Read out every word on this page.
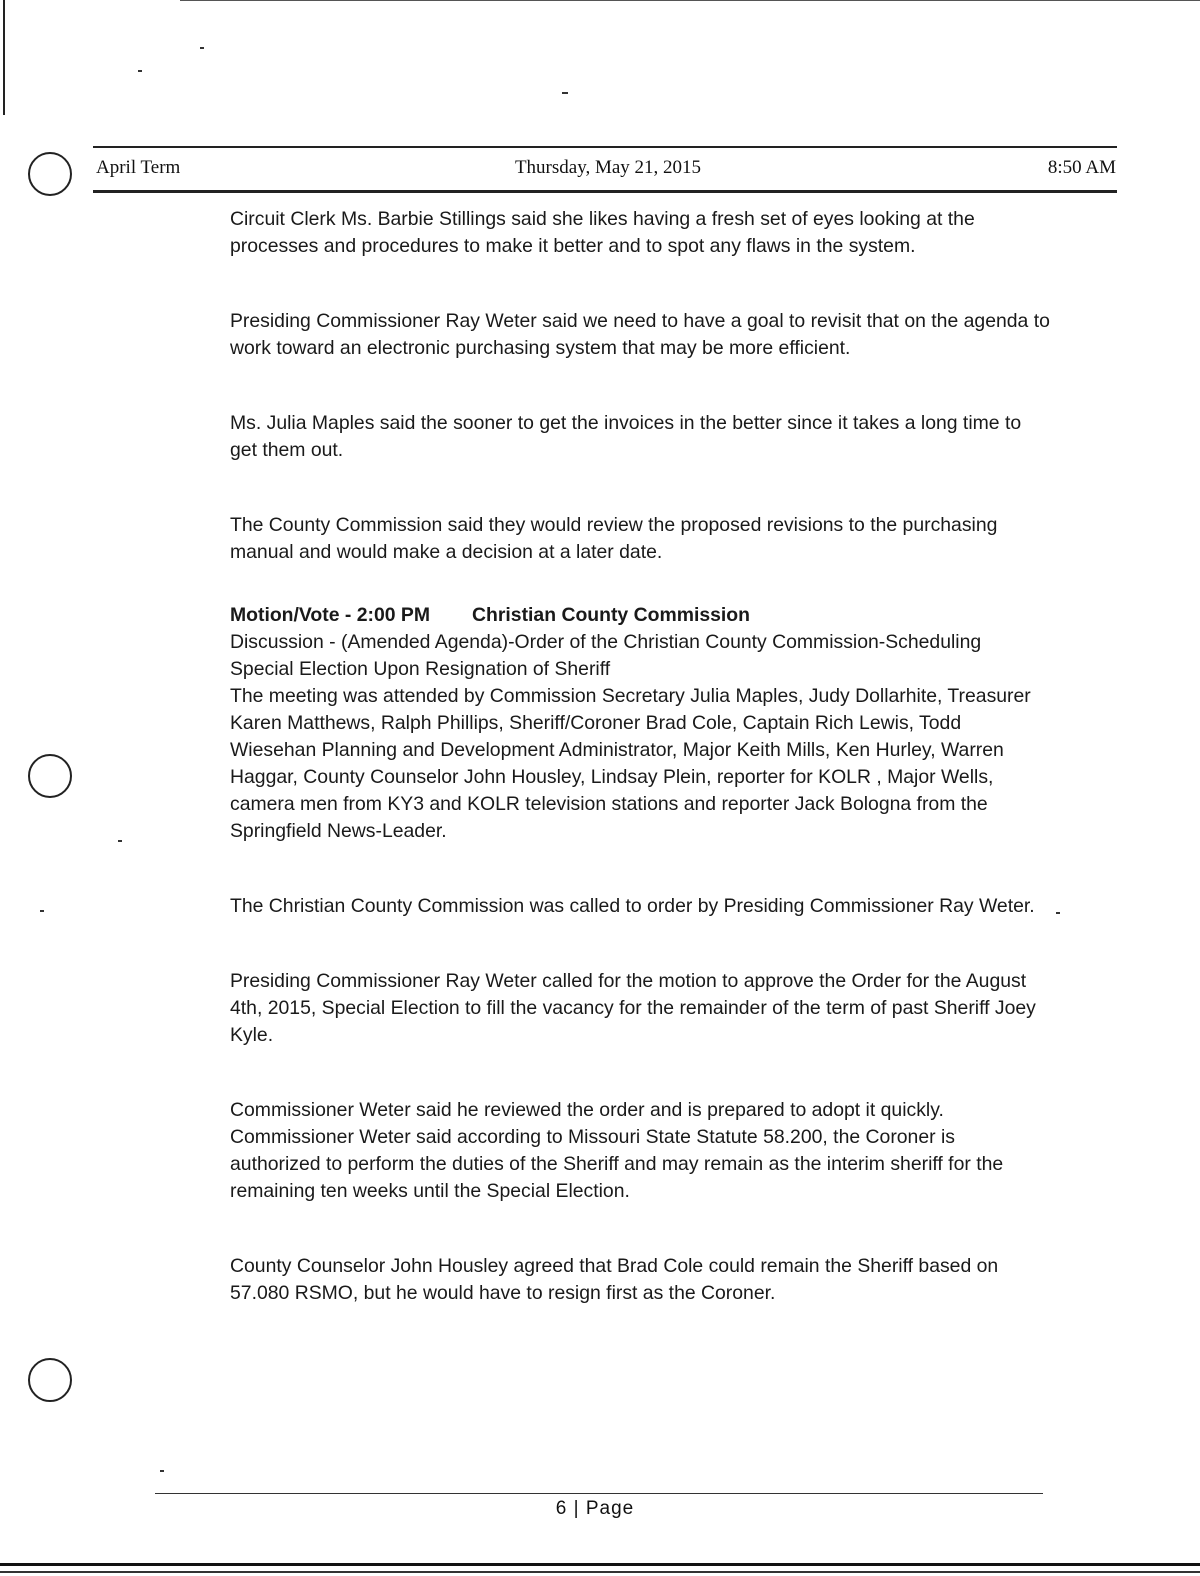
April Term	Thursday, May 21, 2015	8:50 AM

Circuit Clerk Ms. Barbie Stillings said she likes having a fresh set of eyes looking at the processes and procedures to make it better and to spot any flaws in the system.

Presiding Commissioner Ray Weter said we need to have a goal to revisit that on the agenda to work toward an electronic purchasing system that may be more efficient.

Ms. Julia Maples said the sooner to get the invoices in the better since it takes a long time to get them out.

The County Commission said they would review the proposed revisions to the purchasing manual and would make a decision at a later date.

Motion/Vote - 2:00 PM Christian County Commission

Discussion - (Amended Agenda)-Order of the Christian County Commission-Scheduling Special Election Upon Resignation of Sheriff

The meeting was attended by Commission Secretary Julia Maples, Judy Dollarhite, Treasurer Karen Matthews, Ralph Phillips, Sheriff/Coroner Brad Cole, Captain Rich Lewis, Todd Wiesehan Planning and Development Administrator, Major Keith Mills, Ken Hurley, Warren Haggar, County Counselor John Housley, Lindsay Plein, reporter for KOLR , Major Wells, camera men from KY3 and KOLR television stations and reporter Jack Bologna from the Springfield News-Leader.

The Christian County Commission was called to order by Presiding Commissioner Ray Weter.

Presiding Commissioner Ray Weter called for the motion to approve the Order for the August 4th, 2015, Special Election to fill the vacancy for the remainder of the term of past Sheriff Joey Kyle.

Commissioner Weter said he reviewed the order and is prepared to adopt it quickly. Commissioner Weter said according to Missouri State Statute 58.200, the Coroner is authorized to perform the duties of the Sheriff and may remain as the interim sheriff for the remaining ten weeks until the Special Election.

County Counselor John Housley agreed that Brad Cole could remain the Sheriff based on 57.080 RSMO, but he would have to resign first as the Coroner.

6 | Page
